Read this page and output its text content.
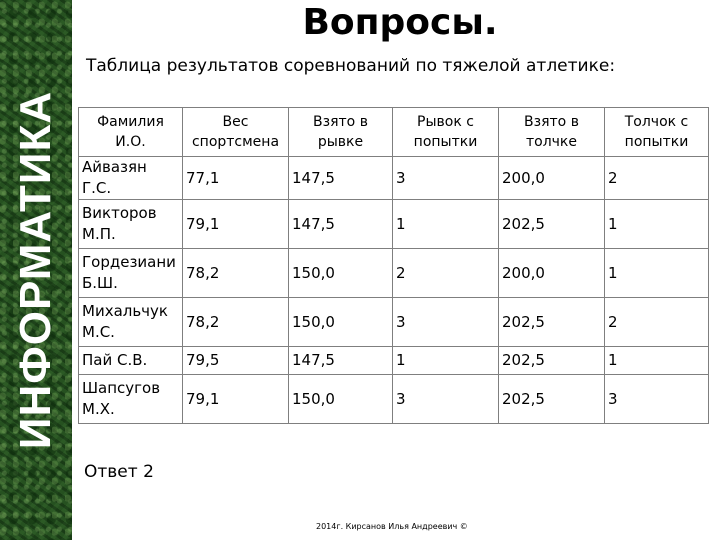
ИНФОРМАТИКА
Вопросы.
Таблица результатов соревнований по тяжелой атлетике:
Фамилия И.О.	Вес спортсмена	Взято в рывке	Рывок с попытки	Взято в толчке	Толчок с попытки
Айвазян Г.С.	77,1	147,5	3	200,0	2
Викторов М.П.	79,1	147,5	1	202,5	1
Гордезиани Б.Ш.	78,2	150,0	2	200,0	1
Михальчук М.С.	78,2	150,0	3	202,5	2
Пай С.В.	79,5	147,5	1	202,5	1
Шапсугов М.Х.	79,1	150,0	3	202,5	3
Ответ 2
2014г. Кирсанов Илья Андреевич ©
